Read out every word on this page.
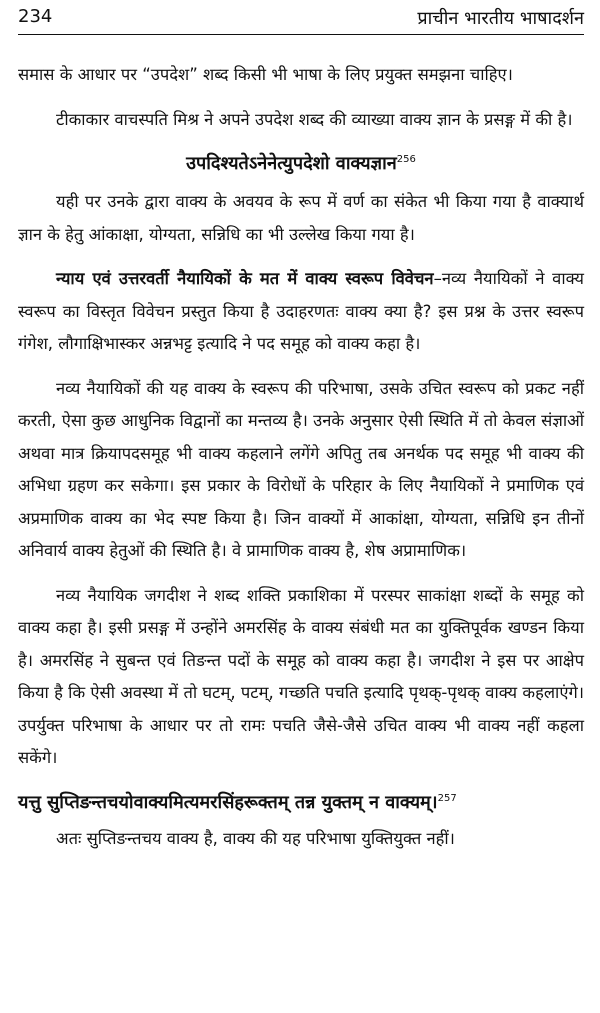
234	प्राचीन भारतीय भाषादर्शन

समास के आधार पर “उपदेश” शब्द किसी भी भाषा के लिए प्रयुक्त समझना चाहिए।

टीकाकार वाचस्पति मिश्र ने अपने उपदेश शब्द की व्याख्या वाक्य ज्ञान के प्रसङ्ग में की है।

उपदिश्यतेऽनेनेत्युपदेशो वाक्यज्ञान$^{256}$

यही पर उनके द्वारा वाक्य के अवयव के रूप में वर्ण का संकेत भी किया गया है वाक्यार्थ ज्ञान के हेतु आंकाक्षा, योग्यता, सन्निधि का भी उल्लेख किया गया है।

न्याय एवं उत्तरवर्ती नैयायिकों के मत में वाक्य स्वरूप विवेचन–नव्य नैयायिकों ने वाक्य स्वरूप का विस्तृत विवेचन प्रस्तुत किया है उदाहरणतः वाक्य क्या है? इस प्रश्न के उत्तर स्वरूप गंगेश, लौगाक्षिभास्कर अन्नभट्ट इत्यादि ने पद समूह को वाक्य कहा है।

नव्य नैयायिकों की यह वाक्य के स्वरूप की परिभाषा, उसके उचित स्वरूप को प्रकट नहीं करती, ऐसा कुछ आधुनिक विद्वानों का मन्तव्य है। उनके अनुसार ऐसी स्थिति में तो केवल संज्ञाओं अथवा मात्र क्रियापदसमूह भी वाक्य कहलाने लगेंगे अपितु तब अनर्थक पद समूह भी वाक्य की अभिधा ग्रहण कर सकेगा। इस प्रकार के विरोधों के परिहार के लिए नैयायिकों ने प्रमाणिक एवं अप्रमाणिक वाक्य का भेद स्पष्ट किया है। जिन वाक्यों में आकांक्षा, योग्यता, सन्निधि इन तीनों अनिवार्य वाक्य हेतुओं की स्थिति है। वे प्रामाणिक वाक्य है, शेष अप्रामाणिक।

नव्य नैयायिक जगदीश ने शब्द शक्ति प्रकाशिका में परस्पर साकांक्षा शब्दों के समूह को वाक्य कहा है। इसी प्रसङ्ग में उन्होंने अमरसिंह के वाक्य संबंधी मत का युक्तिपूर्वक खण्डन किया है। अमरसिंह ने सुबन्त एवं तिङन्त पदों के समूह को वाक्य कहा है। जगदीश ने इस पर आक्षेप किया है कि ऐसी अवस्था में तो घटम्, पटम्, गच्छति पचति इत्यादि पृथक्-पृथक् वाक्य कहलाएंगे। उपर्युक्त परिभाषा के आधार पर तो रामः पचति जैसे-जैसे उचित वाक्य भी वाक्य नहीं कहला सकेंगे।

यत्तु सुप्तिङन्तचयोवाक्यमित्यमरसिंहरूक्तम् तन्न युक्तम् न वाक्यम्।$^{257}$

अतः सुप्तिङन्तचय वाक्य है, वाक्य की यह परिभाषा युक्तियुक्त नहीं।
